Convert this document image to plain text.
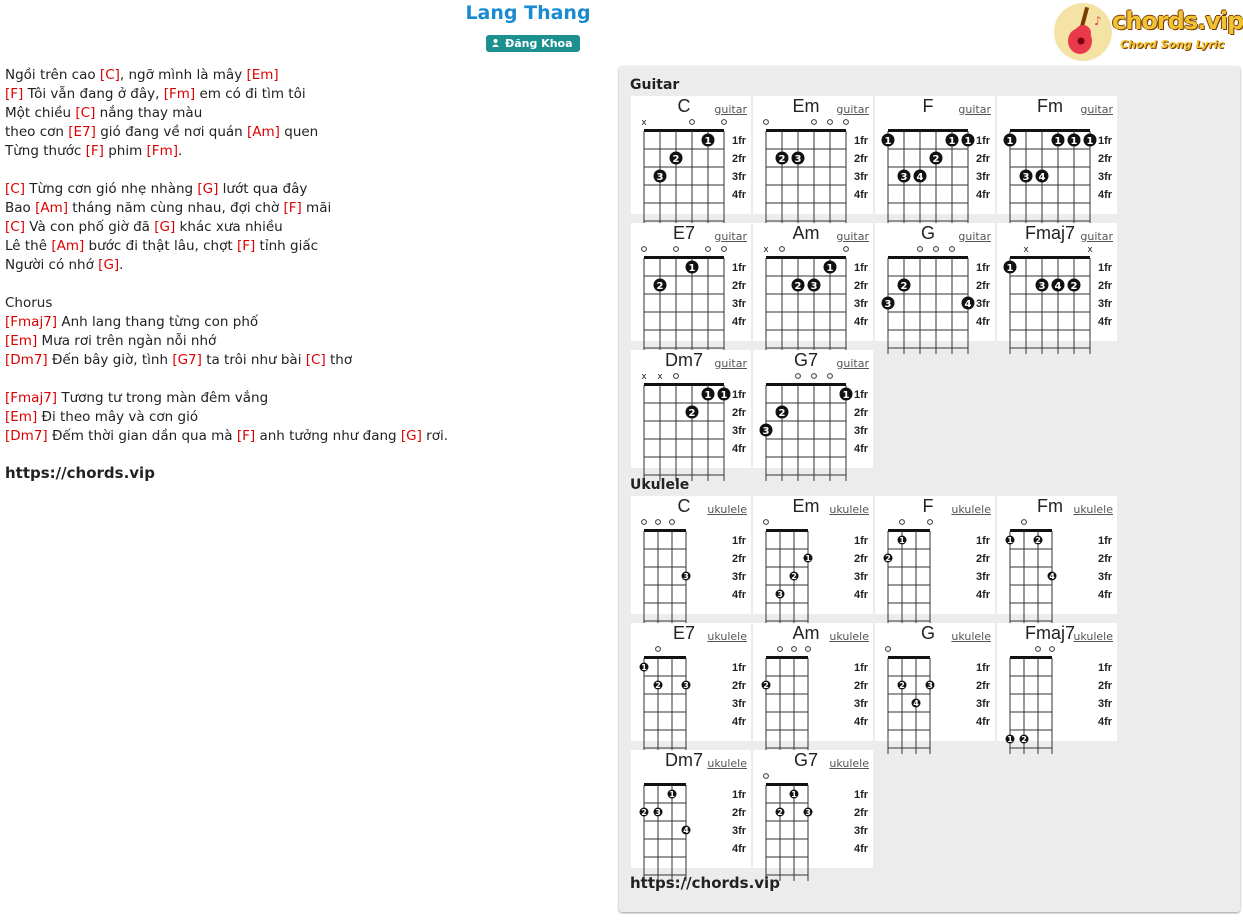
Lang Thang
Đăng Khoa
♪ chords.vip
Chord Song Lyric
Ngồi trên cao [C], ngỡ mình là mây [Em]
[F] Tôi vẫn đang ở đây, [Fm] em có đi tìm tôi
Một chiều [C] nắng thay màu
theo cơn [E7] gió đang về nơi quán [Am] quen
Từng thước [F] phim [Fm].
[C] Từng cơn gió nhẹ nhàng [G] lướt qua đây
Bao [Am] tháng năm cùng nhau, đợi chờ [F] mãi
[C] Và con phố giờ đã [G] khác xưa nhiều
Lê thê [Am] bước đi thật lâu, chợt [F] tỉnh giấc
Người có nhớ [G].
Chorus
[Fmaj7] Anh lang thang từng con phố
[Em] Mưa rơi trên ngàn nỗi nhớ
[Dm7] Đến bây giờ, tình [G7] ta trôi như bài [C] thơ
[Fmaj7] Tương tư trong màn đêm vắng
[Em] Đi theo mây và cơn gió
[Dm7] Đếm thời gian dần qua mà [F] anh tưởng như đang [G] rơi.
https://chords.vip
Guitar
Ukulele
C	guitar
x
1fr
2fr
3fr
4fr
1
2
3
Em	guitar
1fr
2fr
3fr
4fr
2 3
F	guitar
1fr
2fr
3fr
4fr
1	1 1
2
3 4
Fm	guitar
1fr
2fr
3fr
4fr
1	1 1 1
3 4
E7	guitar
1fr
2fr
3fr
4fr
1
2
Am	guitar
x
1fr
2fr
3fr
4fr
1
2 3
G	guitar
1fr
2fr
3fr
4fr
2
3	4
Fmaj7 guitar
x	x
1fr
2fr
3fr
4fr
1
2
3 4
Dm7	guitar
x x
1fr
2fr
3fr
4fr
1 1
2
G7	guitar
1fr
2fr
3fr
4fr
1
2
3
C	ukulele
1fr
2fr
3fr
4fr
3
Em ukulele
1fr
2fr
3fr
4fr
1
2
3
F	ukulele
1fr
2fr
3fr
4fr
1
2
Fm ukulele
1fr
2fr
3fr
4fr
1	2
4
E7	ukulele
1fr
2fr
3fr
4fr
1
2	3
Am ukulele
1fr
2fr
3fr
4fr
2
G	ukulele
1fr
2fr
3fr
4fr
2	3
4
Fmaj7
ukulele
1fr
2fr
3fr
4fr
1 2
Dm7 ukulele
1fr
2fr
3fr
4fr
1
2 3
4
G7	ukulele
1fr
2fr
3fr
4fr
1
2	3
https://chords.vip
